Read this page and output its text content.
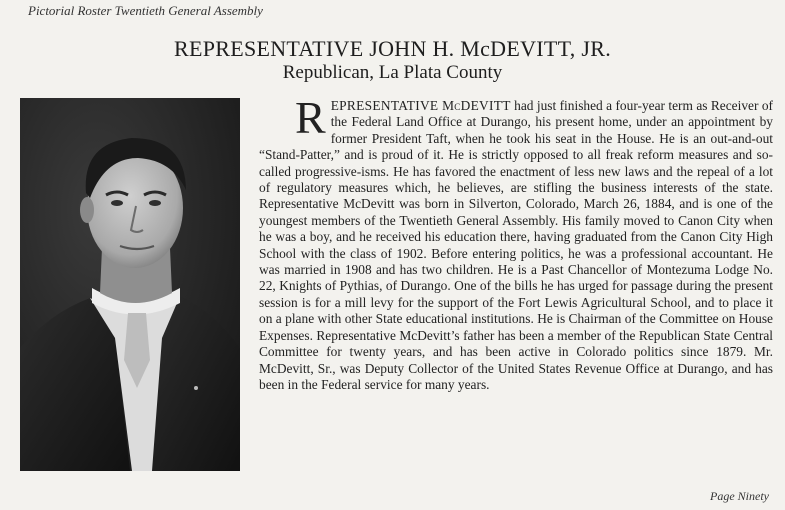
Pictorial Roster Twentieth General Assembly
REPRESENTATIVE JOHN H. McDEVITT, JR.
Republican, La Plata County

REPRESENTATIVE McDEVITT had just finished a four-year term as Receiver of the Federal Land Office at Durango, his present home, under an appointment by former President Taft, when he took his seat in the House. He is an out-and-out “Stand-Patter,” and is proud of it. He is strictly opposed to all freak reform measures and so-called progressive-isms. He has favored the enactment of less new laws and the repeal of a lot of regulatory measures which, he believes, are stifling the business interests of the state. Representative McDevitt was born in Silverton, Colorado, March 26, 1884, and is one of the youngest members of the Twentieth General Assembly. His family moved to Canon City when he was a boy, and he received his education there, having graduated from the Canon City High School with the class of 1902. Before entering politics, he was a professional accountant. He was married in 1908 and has two children. He is a Past Chancellor of Montezuma Lodge No. 22, Knights of Pythias, of Durango. One of the bills he has urged for passage during the present session is for a mill levy for the support of the Fort Lewis Agricultural School, and to place it on a plane with other State educational institutions. He is Chairman of the Committee on House Expenses. Representative McDevitt’s father has been a member of the Republican State Central Committee for twenty years, and has been active in Colorado politics since 1879. Mr. McDevitt, Sr., was Deputy Collector of the United States Revenue Office at Durango, and has been in the Federal service for many years.

Page Ninety
